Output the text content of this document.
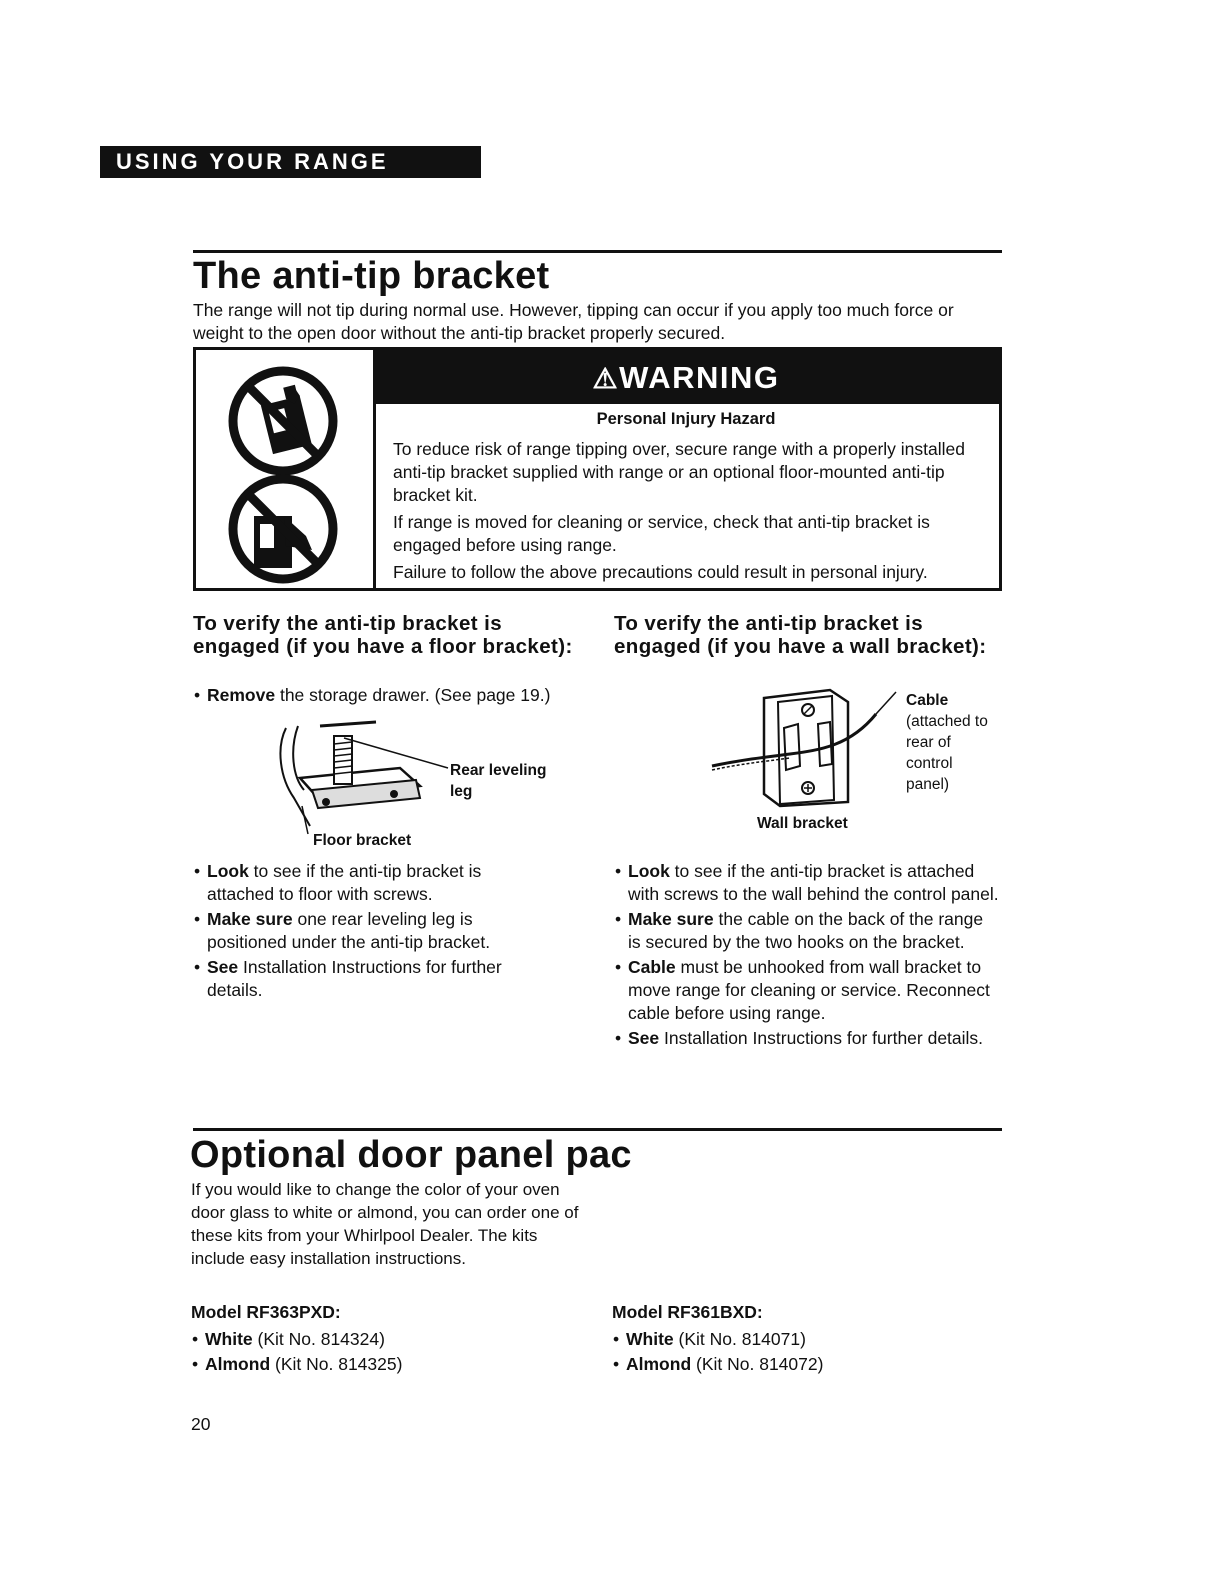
USING YOUR RANGE
The anti-tip bracket
The range will not tip during normal use. However, tipping can occur if you apply too much force or weight to the open door without the anti-tip bracket properly secured.
⚠WARNING
Personal Injury Hazard
To reduce risk of range tipping over, secure range with a properly installed anti-tip bracket supplied with range or an optional floor-mounted anti-tip bracket kit.
If range is moved for cleaning or service, check that anti-tip bracket is engaged before using range.
Failure to follow the above precautions could result in personal injury.
To verify the anti-tip bracket is engaged (if you have a floor bracket):
• Remove the storage drawer. (See page 19.)
Rear leveling leg
Floor bracket
• Look to see if the anti-tip bracket is attached to floor with screws.
• Make sure one rear leveling leg is positioned under the anti-tip bracket.
• See Installation Instructions for further details.
To verify the anti-tip bracket is engaged (if you have a wall bracket):
Cable
(attached to rear of control panel)
Wall bracket
• Look to see if the anti-tip bracket is attached with screws to the wall behind the control panel.
• Make sure the cable on the back of the range is secured by the two hooks on the bracket.
• Cable must be unhooked from wall bracket to move range for cleaning or service. Reconnect cable before using range.
• See Installation Instructions for further details.
Optional door panel pac
If you would like to change the color of your oven door glass to white or almond, you can order one of these kits from your Whirlpool Dealer. The kits include easy installation instructions.
Model RF363PXD:
• White (Kit No. 814324)
• Almond (Kit No. 814325)
Model RF361BXD:
• White (Kit No. 814071)
• Almond (Kit No. 814072)
20
